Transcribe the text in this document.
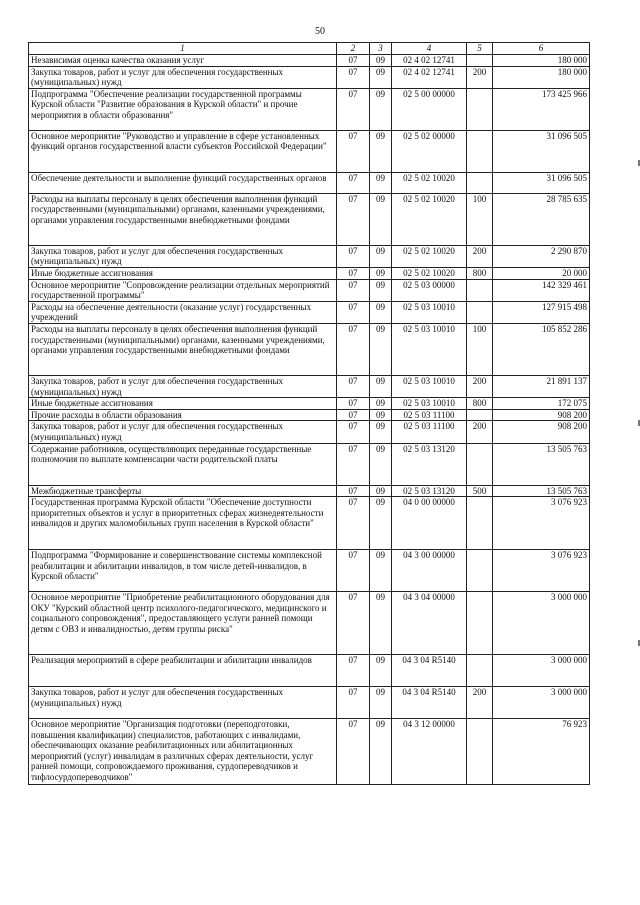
50
1	2	3	4	5	6
Независимая оценка качества оказания услуг	07	09	02 4 02 12741		180 000
Закупка товаров, работ и услуг для обеспечения государственных (муниципальных) нужд	07	09	02 4 02 12741	200	180 000
Подпрограмма "Обеспечение реализации государственной программы Курской области "Развитие образования в Курской области" и прочие мероприятия в области образования"	07	09	02 5 00 00000		173 425 966
Основное мероприятие "Руководство и управление в сфере установленных функций органов государственной власти субъектов Российской Федерации"	07	09	02 5 02 00000		31 096 505
Обеспечение деятельности и выполнение функций государственных органов	07	09	02 5 02 10020		31 096 505
Расходы на выплаты персоналу в целях обеспечения выполнения функций государственными (муниципальными) органами, казенными учреждениями, органами управления государственными внебюджетными фондами	07	09	02 5 02 10020	100	28 785 635
Закупка товаров, работ и услуг для обеспечения государственных (муниципальных) нужд	07	09	02 5 02 10020	200	2 290 870
Иные бюджетные ассигнования	07	09	02 5 02 10020	800	20 000
Основное мероприятие "Сопровождение реализации отдельных мероприятий государственной программы"	07	09	02 5 03 00000		142 329 461
Расходы на обеспечение деятельности (оказание услуг) государственных учреждений	07	09	02 5 03 10010		127 915 498
Расходы на выплаты персоналу в целях обеспечения выполнения функций государственными (муниципальными) органами, казенными учреждениями, органами управления государственными внебюджетными фондами	07	09	02 5 03 10010	100	105 852 286
Закупка товаров, работ и услуг для обеспечения государственных (муниципальных) нужд	07	09	02 5 03 10010	200	21 891 137
Иные бюджетные ассигнования	07	09	02 5 03 10010	800	172 075
Прочие расходы в области образования	07	09	02 5 03 11100		908 200
Закупка товаров, работ и услуг для обеспечения государственных (муниципальных) нужд	07	09	02 5 03 11100	200	908 200
Содержание работников, осуществляющих переданные государственные полномочия по выплате компенсации части родительской платы	07	09	02 5 03 13120		13 505 763
Межбюджетные трансферты	07	09	02 5 03 13120	500	13 505 763
Государственная программа Курской области "Обеспечение доступности приоритетных объектов и услуг в приоритетных сферах жизнедеятельности инвалидов и других маломобильных групп населения в Курской области"	07	09	04 0 00 00000		3 076 923
Подпрограмма "Формирование и совершенствование системы комплексной реабилитации и абилитации инвалидов, в том числе детей-инвалидов, в Курской области"	07	09	04 3 00 00000		3 076 923
Основное мероприятие "Приобретение реабилитационного оборудования для ОКУ "Курский областной центр психолого-педагогического, медицинского и социального сопровождения", предоставляющего услуги ранней помощи детям с ОВЗ и инвалидностью, детям группы риска"	07	09	04 3 04 00000		3 000 000
Реализация мероприятий в сфере реабилитации и абилитации инвалидов	07	09	04 3 04 R5140		3 000 000
Закупка товаров, работ и услуг для обеспечения государственных (муниципальных) нужд	07	09	04 3 04 R5140	200	3 000 000
Основное мероприятие "Организация подготовки (переподготовки, повышения квалификации) специалистов, работающих с инвалидами, обеспечивающих оказание реабилитационных или абилитационных мероприятий (услуг) инвалидам в различных сферах деятельности, услуг ранней помощи, сопровождаемого проживания, сурдопереводчиков и тифлосурдопереводчиков"	07	09	04 3 12 00000		76 923
